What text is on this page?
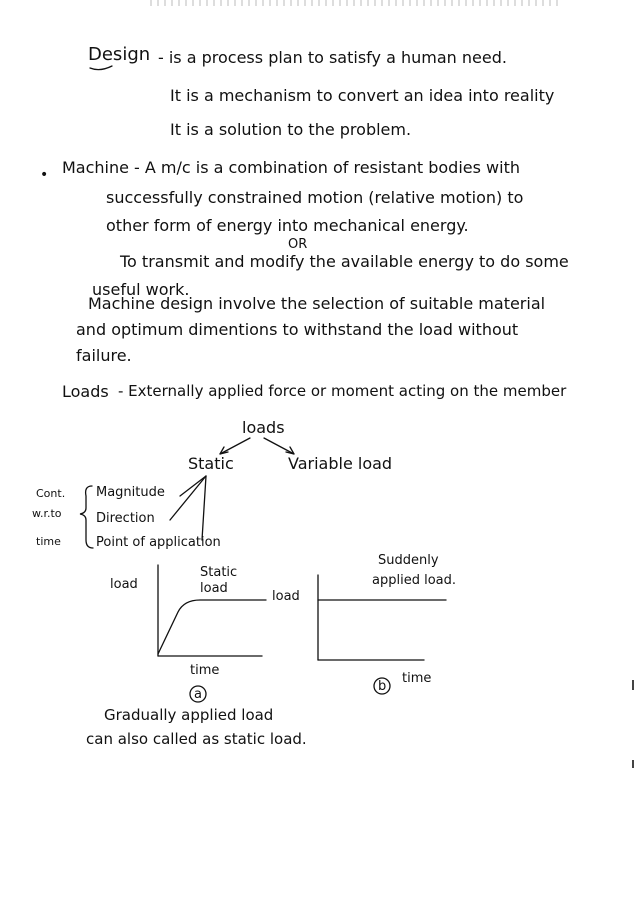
Design - is a process plan to satisfy a human need.
It is a mechanism to convert an idea into reality
It is a solution to the problem.
• Machine - A m/c is a combination of resistant bodies with
successfully constrained motion (relative motion) to
other form of energy into mechanical energy.
OR
To transmit and modify the available energy to do some
useful work.
Machine design involve the selection of suitable material
and optimum dimentions to withstand the load without
failure.
Loads - Externally applied force or moment acting on the member
loads
Static	Variable load
Cont.
w.r.to
time
Magnitude
Direction
Point of application
load
Static
load
time
a
load
Suddenly
applied load.
time
b
Gradually applied load
can also called as static load.
